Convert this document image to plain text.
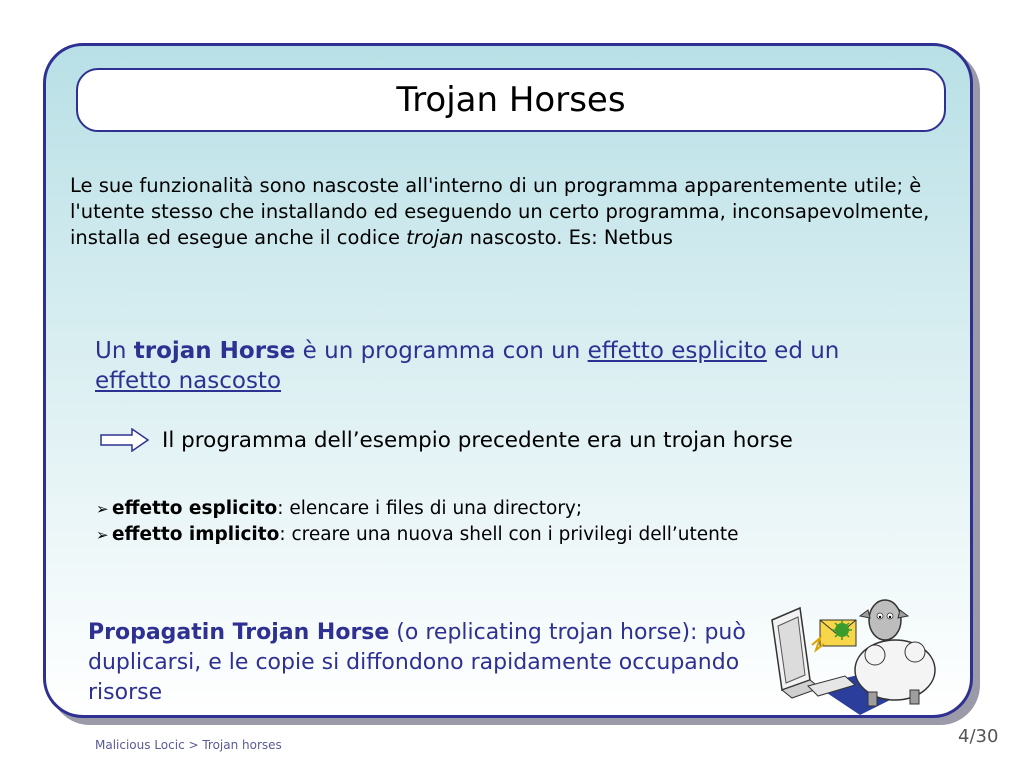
Trojan Horses
Le sue funzionalità sono nascoste all'interno di un programma apparentemente utile; è l'utente stesso che installando ed eseguendo un certo programma, inconsapevolmente, installa ed esegue anche il codice trojan nascosto. Es: Netbus
Un trojan Horse è un programma con un effetto esplicito ed un effetto nascosto
Il programma dell’esempio precedente era un trojan horse
➢ effetto esplicito: elencare i files di una directory;
➢ effetto implicito: creare una nuova shell con i privilegi dell’utente
Propagatin Trojan Horse (o replicating trojan horse): può duplicarsi, e le copie si diffondono rapidamente occupando risorse
Malicious Locic > Trojan horses	4/30
